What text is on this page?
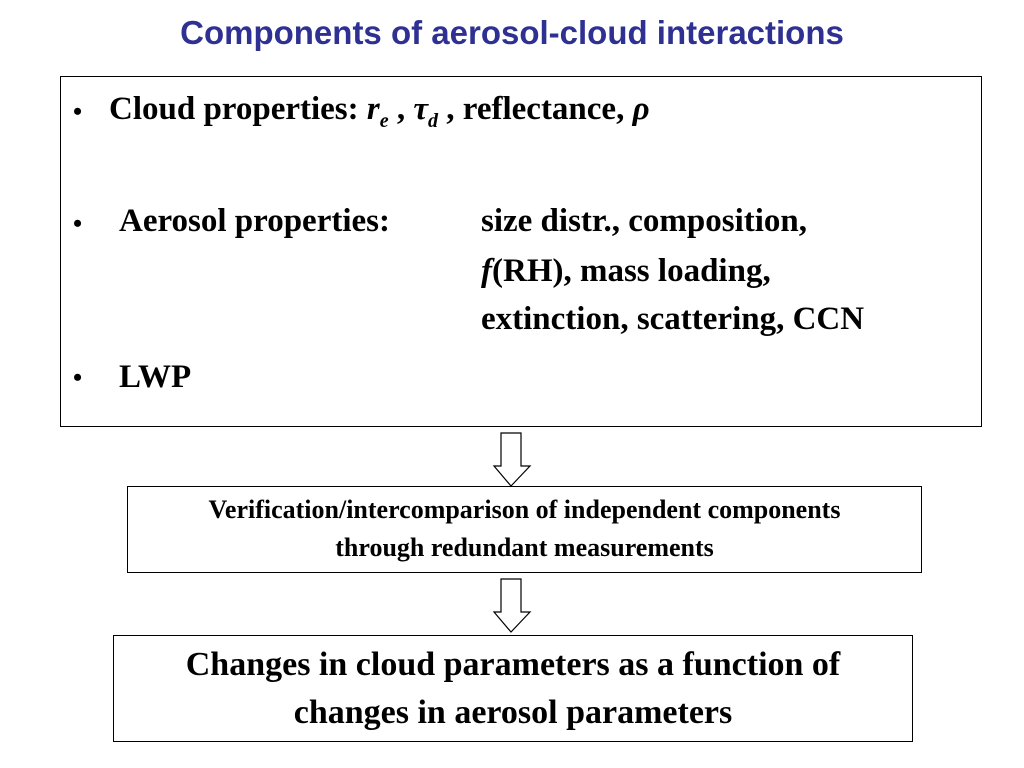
Components of aerosol-cloud interactions
• Cloud properties: $r_e$ , $\tau_d$ , reflectance, ρ
• Aerosol properties:	size distr., composition,
f(RH), mass loading,
extinction, scattering, CCN
• LWP
Verification/intercomparison of independent components
through redundant measurements
Changes in cloud parameters as a function of
changes in aerosol parameters
